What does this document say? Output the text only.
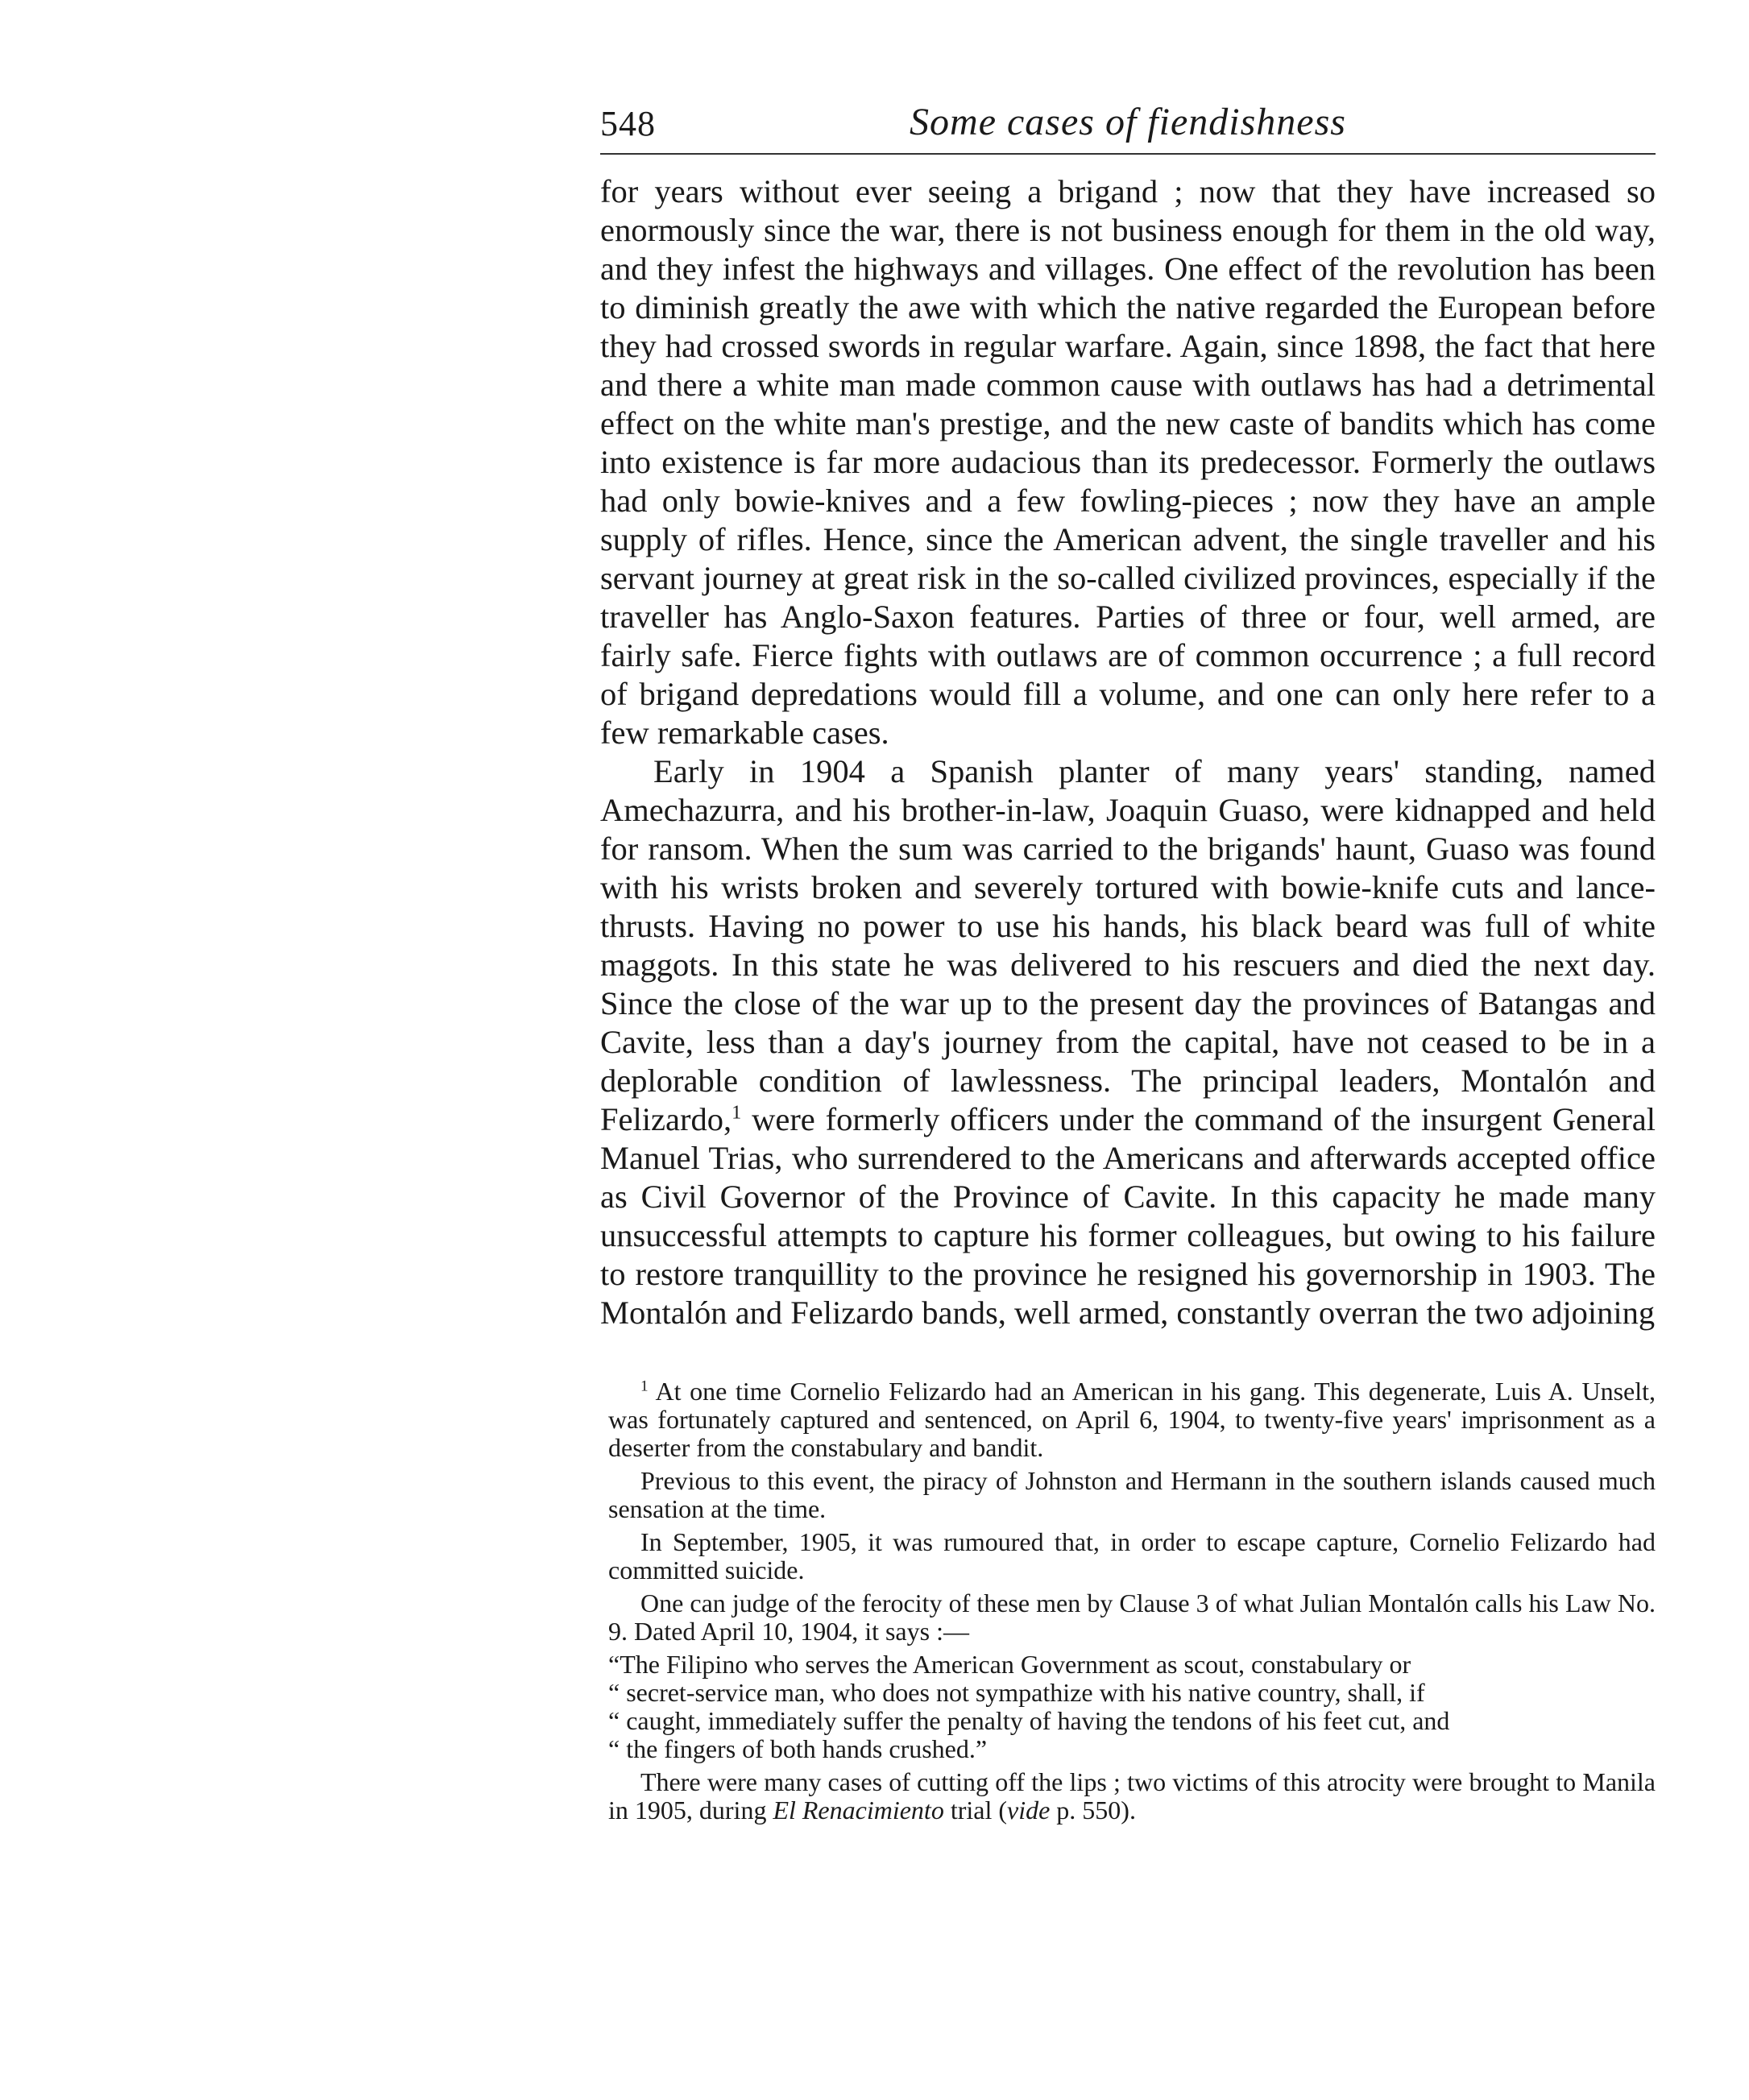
548	Some cases of fiendishness

for years without ever seeing a brigand ; now that they have increased so enormously since the war, there is not business enough for them in the old way, and they infest the highways and villages. One effect of the revolution has been to diminish greatly the awe with which the native regarded the European before they had crossed swords in regular warfare. Again, since 1898, the fact that here and there a white man made common cause with outlaws has had a detrimental effect on the white man's prestige, and the new caste of bandits which has come into existence is far more audacious than its predecessor. Formerly the outlaws had only bowie-knives and a few fowling-pieces ; now they have an ample supply of rifles. Hence, since the American advent, the single traveller and his servant journey at great risk in the so-called civilized provinces, especially if the traveller has Anglo-Saxon features. Parties of three or four, well armed, are fairly safe. Fierce fights with outlaws are of common occurrence ; a full record of brigand depredations would fill a volume, and one can only here refer to a few remarkable cases.

Early in 1904 a Spanish planter of many years' standing, named Amechazurra, and his brother-in-law, Joaquin Guaso, were kidnapped and held for ransom. When the sum was carried to the brigands' haunt, Guaso was found with his wrists broken and severely tortured with bowie-knife cuts and lance-thrusts. Having no power to use his hands, his black beard was full of white maggots. In this state he was delivered to his rescuers and died the next day. Since the close of the war up to the present day the provinces of Batangas and Cavite, less than a day's journey from the capital, have not ceased to be in a deplorable condition of lawlessness. The principal leaders, Montalón and Felizardo,$^1$ were formerly officers under the command of the insurgent General Manuel Trias, who surrendered to the Americans and afterwards accepted office as Civil Governor of the Province of Cavite. In this capacity he made many unsuccessful attempts to capture his former colleagues, but owing to his failure to restore tranquillity to the province he resigned his governorship in 1903. The Montalón and Felizardo bands, well armed, constantly overran the two adjoining

$^1$ At one time Cornelio Felizardo had an American in his gang. This degenerate, Luis A. Unselt, was fortunately captured and sentenced, on April 6, 1904, to twenty-five years' imprisonment as a deserter from the constabulary and bandit.

Previous to this event, the piracy of Johnston and Hermann in the southern islands caused much sensation at the time.

In September, 1905, it was rumoured that, in order to escape capture, Cornelio Felizardo had committed suicide.

One can judge of the ferocity of these men by Clause 3 of what Julian Montalón calls his Law No. 9. Dated April 10, 1904, it says :—

“The Filipino who serves the American Government as scout, constabulary or
“ secret-service man, who does not sympathize with his native country, shall, if
“ caught, immediately suffer the penalty of having the tendons of his feet cut, and
“ the fingers of both hands crushed.”

There were many cases of cutting off the lips ; two victims of this atrocity were brought to Manila in 1905, during El Renacimiento trial (vide p. 550).
